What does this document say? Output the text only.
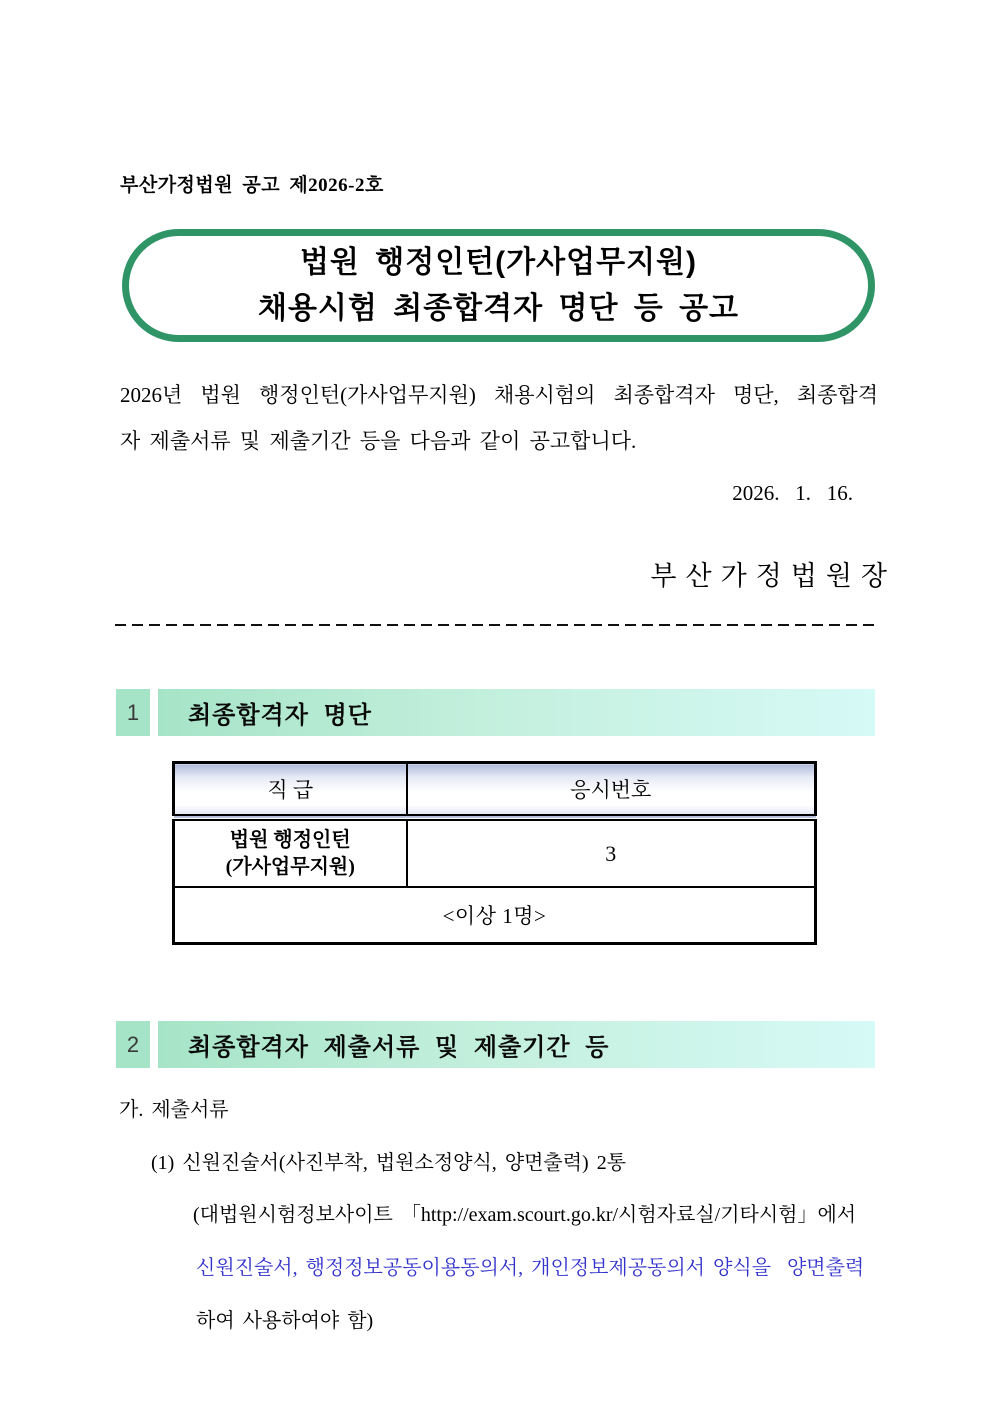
부산가정법원 공고 제2026-2호
법원 행정인턴(가사업무지원)
채용시험 최종합격자 명단 등 공고
2026년 법원 행정인턴(가사업무지원) 채용시험의 최종합격자 명단, 최종합격
자 제출서류 및 제출기간 등을 다음과 같이 공고합니다.
2026.   1.   16.
부산가정법원장
1	최종합격자 명단
직 급	응시번호

법원 행정인턴
(가사업무지원)	3
<이상 1명>	
2	최종합격자 제출서류 및 제출기간 등
가. 제출서류
(1) 신원진술서(사진부착, 법원소정양식, 양면출력) 2통
(대법원시험정보사이트 「http://exam.scourt.go.kr/시험자료실/기타시험」에서
신원진술서, 행정정보공동이용동의서, 개인정보제공동의서 양식을  양면출력
하여 사용하여야 함)
